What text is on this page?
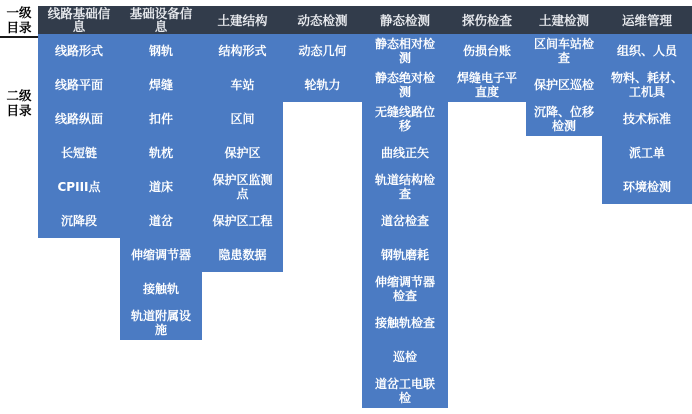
一级目录
二级目录
线路基础信息
线路形式
线路平面
线路纵面
长短链
CPIII点
沉降段
基础设备信息
钢轨
焊缝
扣件
轨枕
道床
道岔
伸缩调节器
接触轨
轨道附属设施
土建结构
结构形式
车站
区间
保护区
保护区监测点
保护区工程
隐患数据
动态检测
动态几何
轮轨力
静态检测
静态相对检测
静态绝对检测
无缝线路位移
曲线正矢
轨道结构检查
道岔检查
钢轨磨耗
伸缩调节器检查
接触轨检查
巡检
道岔工电联检
探伤检查
伤损台账
焊缝电子平直度
土建检测
区间车站检查
保护区巡检
沉降、位移检测
运维管理
组织、人员
物料、耗材、工机具
技术标准
派工单
环境检测
